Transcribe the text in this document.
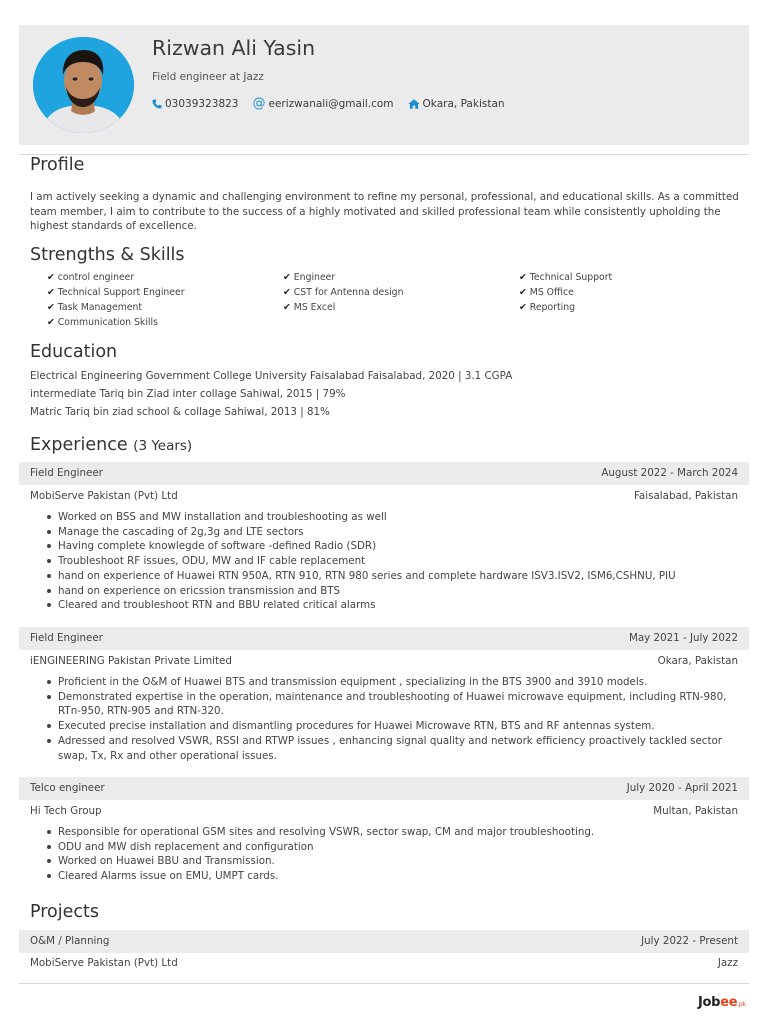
Rizwan Ali Yasin
Field engineer at Jazz
03039323823 @ eerizwanali@gmail.com	Okara, Pakistan
Profile
I am actively seeking a dynamic and challenging environment to refine my personal, professional, and educational skills. As a committed team member, I aim to contribute to the success of a highly motivated and skilled professional team while consistently upholding the highest standards of excellence.
Strengths & Skills
✔ control engineer	✔ Engineer	✔ Technical Support
✔ Technical Support Engineer	✔ CST for Antenna design	✔ MS Office
✔ Task Management	✔ MS Excel	✔ Reporting
✔ Communication Skills
Education
Electrical Engineering Government College University Faisalabad Faisalabad, 2020 | 3.1 CGPA
intermediate Tariq bin Ziad inter collage Sahiwal, 2015 | 79%
Matric Tariq bin ziad school & collage Sahiwal, 2013 | 81%
Experience (3 Years)
Field Engineer	August 2022 - March 2024
MobiServe Pakistan (Pvt) Ltd	Faisalabad, Pakistan
Worked on BSS and MW installation and troubleshooting as well
Manage the cascading of 2g,3g and LTE sectors
Having complete knowlegde of software -defined Radio (SDR)
Troubleshoot RF issues, ODU, MW and IF cable replacement
hand on experience of Huawei RTN 950A, RTN 910, RTN 980 series and complete hardware ISV3.ISV2, ISM6,CSHNU, PIU
hand on experience on ericssion transmission and BTS
Cleared and troubleshoot RTN and BBU related critical alarms
Field Engineer	May 2021 - July 2022
iENGINEERING Pakistan Private Limited	Okara, Pakistan
Proficient in the O&M of Huawei BTS and transmission equipment , specializing in the BTS 3900 and 3910 models.
Demonstrated expertise in the operation, maintenance and troubleshooting of Huawei microwave equipment, including RTN-980, RTn-950, RTN-905 and RTN-320.
Executed precise installation and dismantling procedures for Huawei Microwave RTN, BTS and RF antennas system.
Adressed and resolved VSWR, RSSI and RTWP issues , enhancing signal quality and network efficiency proactively tackled sector swap, Tx, Rx and other operational issues.
Telco engineer	July 2020 - April 2021
Hi Tech Group	Multan, Pakistan
Responsible for operational GSM sites and resolving VSWR, sector swap, CM and major troubleshooting.
ODU and MW dish replacement and configuration
Worked on Huawei BBU and Transmission.
Cleared Alarms issue on EMU, UMPT cards.
Projects
O&M / Planning	July 2022 - Present
MobiServe Pakistan (Pvt) Ltd	Jazz
Jobee.pk
